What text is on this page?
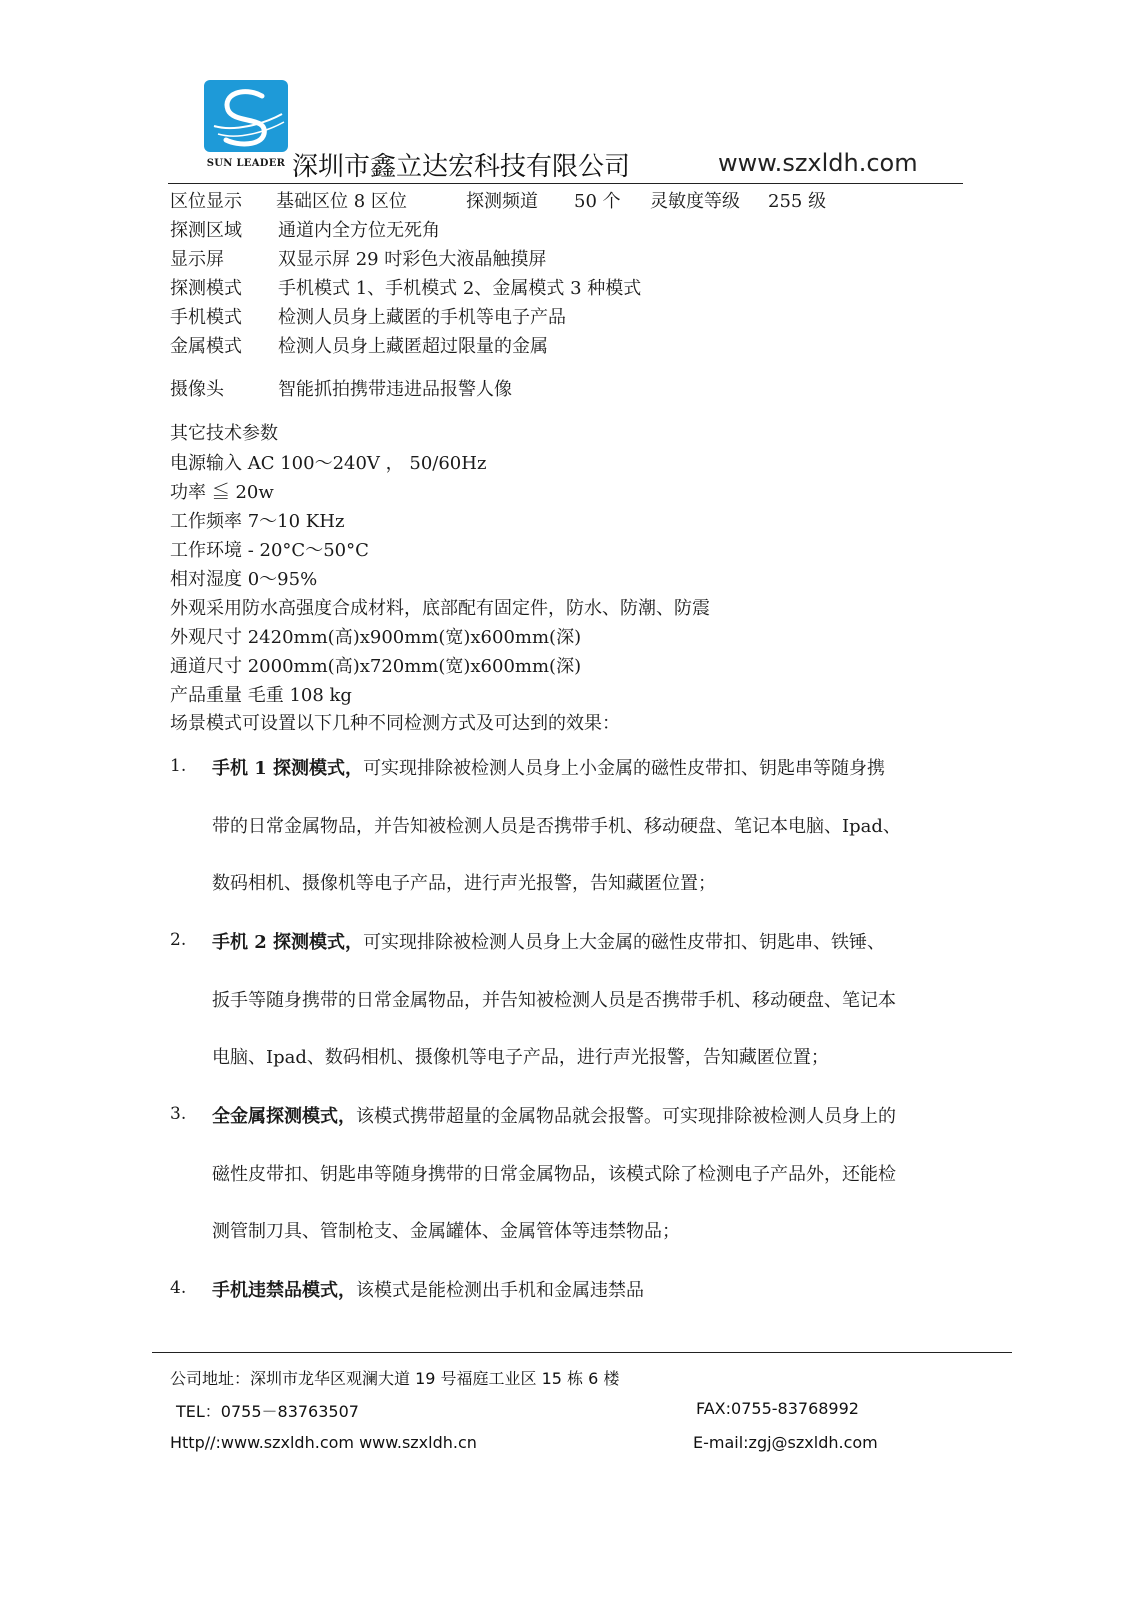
SUN LEADER 深圳市鑫立达宏科技有限公司	www.szxldh.com
区位显示 基础区位 8 区位	探测频道 50 个 灵敏度等级 255 级
探测区域 通道内全方位无死角
显示屏	双显示屏 29 吋彩色大液晶触摸屏
探测模式 手机模式 1、手机模式 2、金属模式 3 种模式
手机模式 检测人员身上藏匿的手机等电子产品
金属模式 检测人员身上藏匿超过限量的金属
摄像头	智能抓拍携带违进品报警人像
其它技术参数
电源输入 AC 100～240V ， 50/60Hz
功率 ≦ 20w
工作频率 7～10 KHz
工作环境 - 20°C～50°C
相对湿度 0～95%
外观采用防水高强度合成材料，底部配有固定件，防水、防潮、防震
外观尺寸 2420mm(高)x900mm(宽)x600mm(深)
通道尺寸 2000mm(高)x720mm(宽)x600mm(深)
产品重量 毛重 108 kg
场景模式可设置以下几种不同检测方式及可达到的效果：
1. 手机 1 探测模式，可实现排除被检测人员身上小金属的磁性皮带扣、钥匙串等随身携
带的日常金属物品，并告知被检测人员是否携带手机、移动硬盘、笔记本电脑、Ipad、
数码相机、摄像机等电子产品，进行声光报警，告知藏匿位置；
2. 手机 2 探测模式，可实现排除被检测人员身上大金属的磁性皮带扣、钥匙串、铁锤、
扳手等随身携带的日常金属物品，并告知被检测人员是否携带手机、移动硬盘、笔记本
电脑、Ipad、数码相机、摄像机等电子产品，进行声光报警，告知藏匿位置；
3. 全金属探测模式，该模式携带超量的金属物品就会报警。可实现排除被检测人员身上的
磁性皮带扣、钥匙串等随身携带的日常金属物品，该模式除了检测电子产品外，还能检
测管制刀具、管制枪支、金属罐体、金属管体等违禁物品；
4. 手机违禁品模式，该模式是能检测出手机和金属违禁品
公司地址：深圳市龙华区观澜大道 19 号福庭工业区 15 栋 6 楼
TEL：0755－83763507	FAX:0755-83768992
Http//:www.szxldh.com www.szxldh.cn	E-mail:zgj@szxldh.com
